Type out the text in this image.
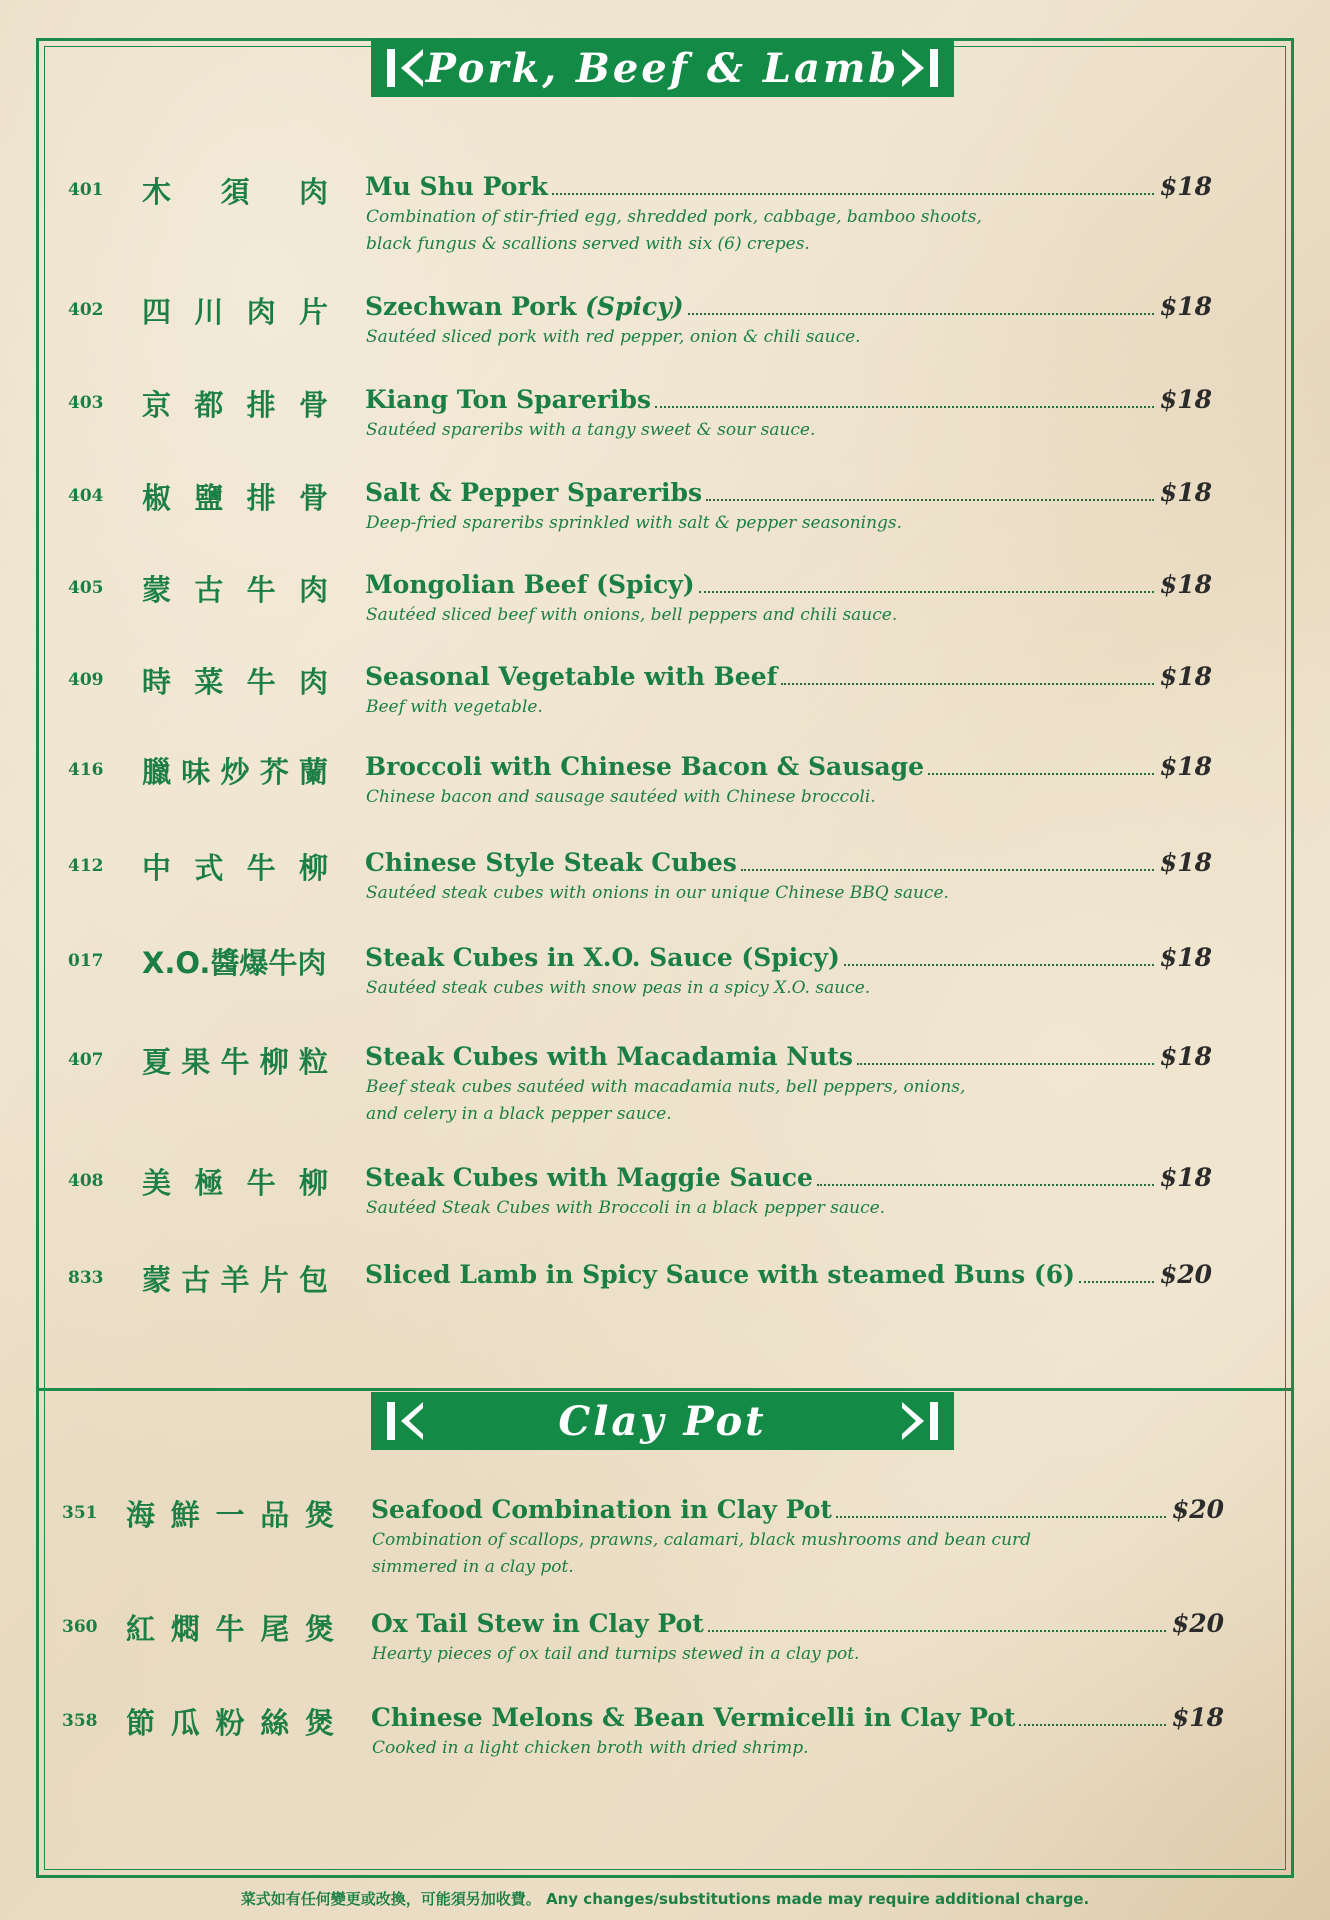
Pork, Beef & Lamb
Clay Pot
401	木 須 肉 Mu Shu Pork	$18
Combination of stir-fried egg, shredded pork, cabbage, bamboo shoots,
black fungus & scallions served with six (6) crepes.
402	四 川 肉 片 Szechwan Pork (Spicy)	$18
Sautéed sliced pork with red pepper, onion & chili sauce.
403	京 都 排 骨 Kiang Ton Spareribs	$18
Sautéed spareribs with a tangy sweet & sour sauce.
404	椒 鹽 排 骨 Salt & Pepper Spareribs	$18
Deep-fried spareribs sprinkled with salt & pepper seasonings.
405	蒙 古 牛 肉 Mongolian Beef (Spicy)	$18
Sautéed sliced beef with onions, bell peppers and chili sauce.
409	時 菜 牛 肉 Seasonal Vegetable with Beef	$18
Beef with vegetable.
416	臘 味 炒 芥 蘭 Broccoli with Chinese Bacon & Sausage	$18
Chinese bacon and sausage sautéed with Chinese broccoli.
412	中 式 牛 柳 Chinese Style Steak Cubes	$18
Sautéed steak cubes with onions in our unique Chinese BBQ sauce.
017	X.O.醬爆牛肉 Steak Cubes in X.O. Sauce (Spicy)	$18
Sautéed steak cubes with snow peas in a spicy X.O. sauce.
407	夏 果 牛 柳 粒 Steak Cubes with Macadamia Nuts	$18
Beef steak cubes sautéed with macadamia nuts, bell peppers, onions,
and celery in a black pepper sauce.
408	美 極 牛 柳 Steak Cubes with Maggie Sauce	$18
Sautéed Steak Cubes with Broccoli in a black pepper sauce.
833	蒙 古 羊 片 包 Sliced Lamb in Spicy Sauce with steamed Buns (6)	$20
351 海 鮮 一 品 煲 Seafood Combination in Clay Pot	$20
Combination of scallops, prawns, calamari, black mushrooms and bean curd
simmered in a clay pot.
360 紅 燜 牛 尾 煲 Ox Tail Stew in Clay Pot	$20
Hearty pieces of ox tail and turnips stewed in a clay pot.
358 節 瓜 粉 絲 煲 Chinese Melons & Bean Vermicelli in Clay Pot	$18
Cooked in a light chicken broth with dried shrimp.
菜式如有任何變更或改換，可能須另加收費。 Any changes/substitutions made may require additional charge.
